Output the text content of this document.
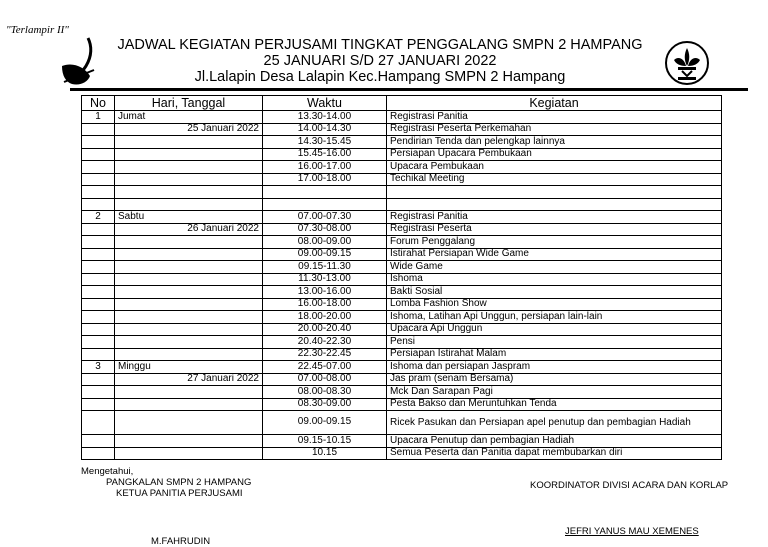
"Terlampir II"
JADWAL KEGIATAN PERJUSAMI TINGKAT PENGGALANG SMPN 2 HAMPANG
25 JANUARI S/D 27 JANUARI 2022
Jl.Lalapin Desa Lalapin Kec.Hampang SMPN 2 Hampang
No	Hari, Tanggal	Waktu	Kegiatan
1	Jumat	13.30-14.00	Registrasi Panitia
	25 Januari 2022	14.00-14.30	Registrasi Peserta Perkemahan
		14.30-15.45	Pendirian Tenda dan pelengkap lainnya
		15.45-16.00	Persiapan Upacara Pembukaan
		16.00-17.00	Upacara Pembukaan
		17.00-18.00	Techikal Meeting

2	Sabtu	07.00-07.30	Registrasi Panitia
	26 Januari 2022	07.30-08.00	Registrasi Peserta
		08.00-09.00	Forum Penggalang
		09.00-09.15	Istirahat Persiapan Wide Game
		09.15-11.30	Wide Game
		11.30-13.00	Ishoma
		13.00-16.00	Bakti Sosial
		16.00-18.00	Lomba Fashion Show
		18.00-20.00	Ishoma, Latihan Api Unggun, persiapan lain-lain
		20.00-20.40	Upacara Api Unggun
		20.40-22.30	Pensi
		22.30-22.45	Persiapan Istirahat Malam
3	Minggu	22.45-07.00	Ishoma dan persiapan Jaspram
	27 Januari 2022	07.00-08.00	Jas pram (senam Bersama)
		08.00-08.30	Mck Dan Sarapan Pagi
		08.30-09.00	Pesta Bakso dan Meruntuhkan Tenda
		09.00-09.15	Ricek Pasukan dan Persiapan apel penutup dan pembagian Hadiah
		09.15-10.15	Upacara Penutup dan pembagian Hadiah
		10.15	Semua Peserta dan Panitia dapat membubarkan diri
Mengetahui,
PANGKALAN SMPN 2 HAMPANG
KETUA PANITIA PERJUSAMI
KOORDINATOR DIVISI ACARA DAN KORLAP
JEFRI YANUS MAU XEMENES
M.FAHRUDIN
